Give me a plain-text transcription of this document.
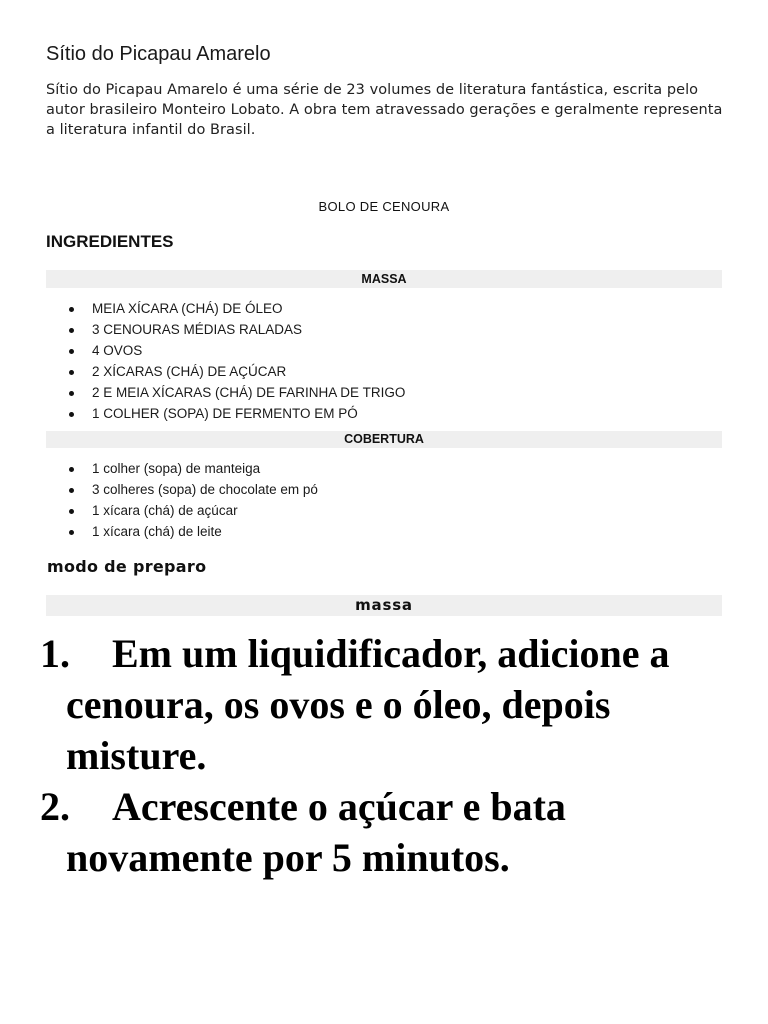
Sítio do Picapau Amarelo
Sítio do Picapau Amarelo é uma série de 23 volumes de literatura fantástica, escrita pelo autor brasileiro Monteiro Lobato. A obra tem atravessado gerações e geralmente representa a literatura infantil do Brasil.
BOLO DE CENOURA
INGREDIENTES
MASSA
MEIA XÍCARA (CHÁ) DE ÓLEO
3 CENOURAS MÉDIAS RALADAS
4 OVOS
2 XÍCARAS (CHÁ) DE AÇÚCAR
2 E MEIA XÍCARAS (CHÁ) DE FARINHA DE TRIGO
1 COLHER (SOPA) DE FERMENTO EM PÓ
COBERTURA
1 colher (sopa) de manteiga
3 colheres (sopa) de chocolate em pó
1 xícara (chá) de açúcar
1 xícara (chá) de leite
modo de preparo
massa
1. Em um liquidificador, adicione a cenoura, os ovos e o óleo, depois misture.
2. Acrescente o açúcar e bata novamente por 5 minutos.
